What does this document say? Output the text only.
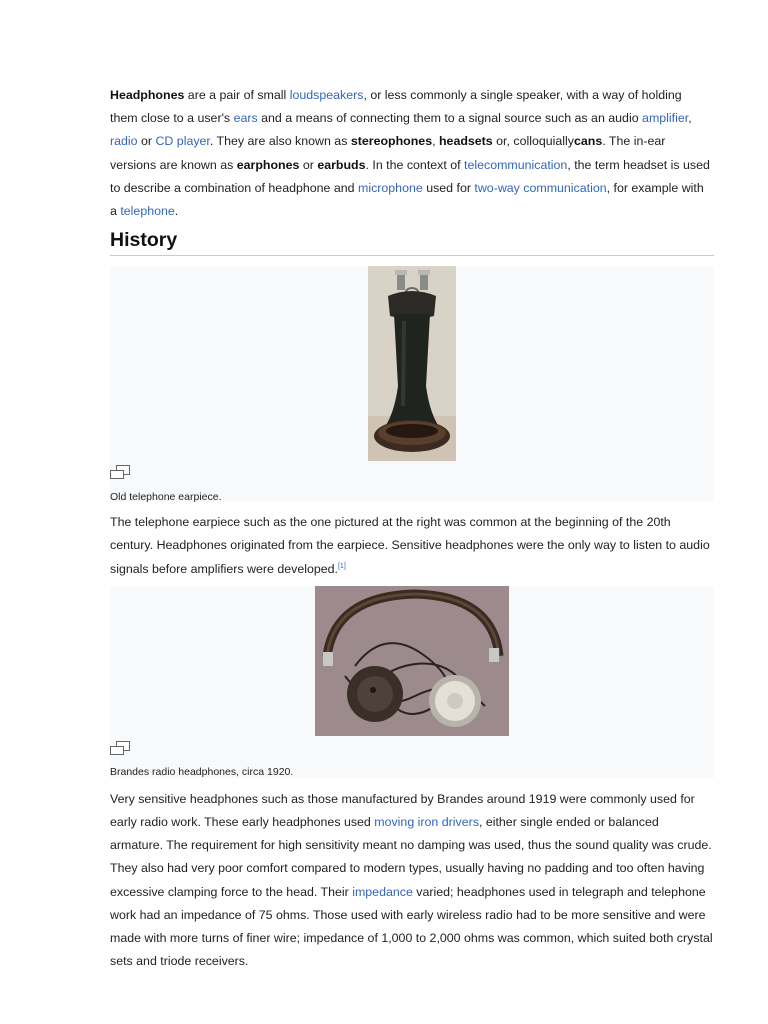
Headphones are a pair of small loudspeakers, or less commonly a single speaker, with a way of holding them close to a user's ears and a means of connecting them to a signal source such as an audio amplifier, radio or CD player. They are also known as stereophones, headsets or, colloquiallycans. The in-ear versions are known as earphones or earbuds. In the context of telecommunication, the term headset is used to describe a combination of headphone and microphone used for two-way communication, for example with a telephone.

History
Old telephone earpiece.

The telephone earpiece such as the one pictured at the right was common at the beginning of the 20th century. Headphones originated from the earpiece. Sensitive headphones were the only way to listen to audio signals before amplifiers were developed.[1]

Brandes radio headphones, circa 1920.

Very sensitive headphones such as those manufactured by Brandes around 1919 were commonly used for early radio work. These early headphones used moving iron drivers, either single ended or balanced armature. The requirement for high sensitivity meant no damping was used, thus the sound quality was crude. They also had very poor comfort compared to modern types, usually having no padding and too often having excessive clamping force to the head. Their impedance varied; headphones used in telegraph and telephone work had an impedance of 75 ohms. Those used with early wireless radio had to be more sensitive and were made with more turns of finer wire; impedance of 1,000 to 2,000 ohms was common, which suited both crystal sets and triode receivers.
